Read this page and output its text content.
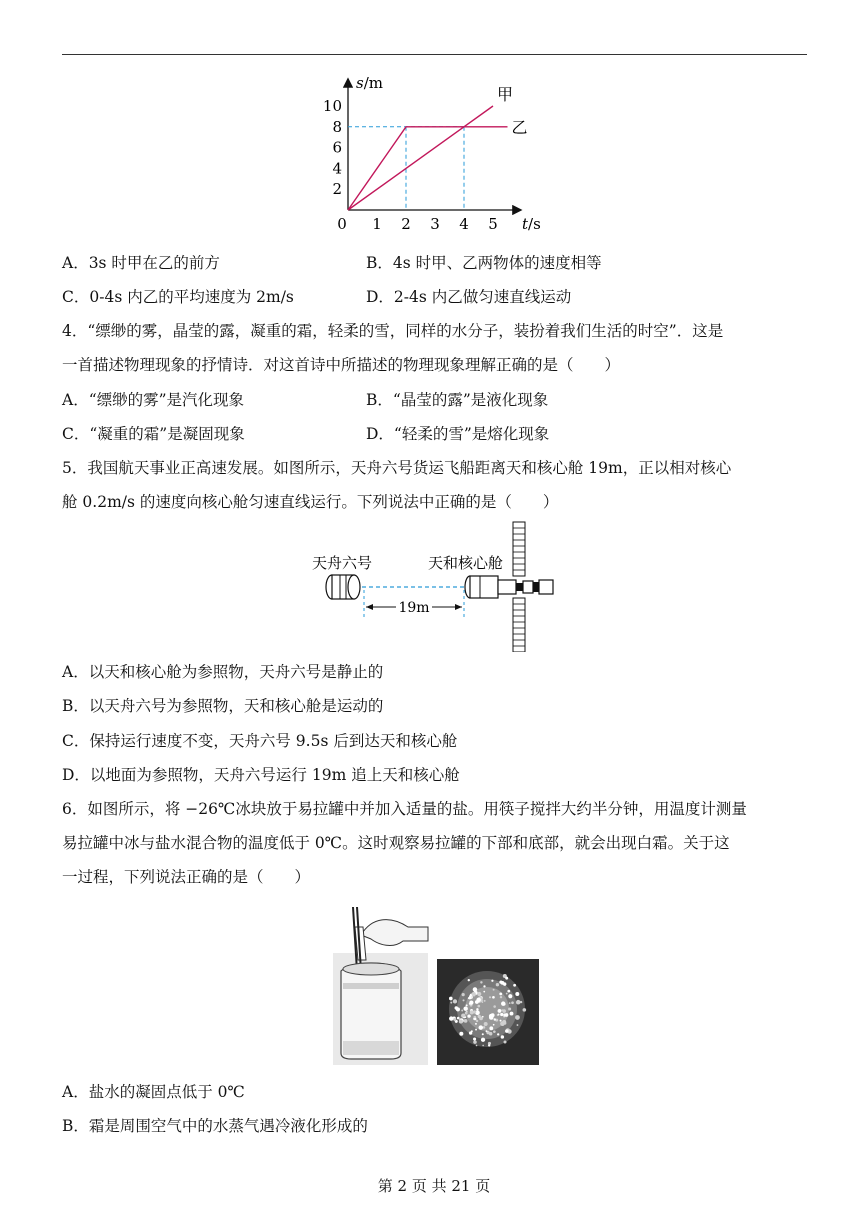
s/m
t/s
0 1 2 3 4 5
2
4
6
8
10
甲
乙
A．3s 时甲在乙的前方	B．4s 时甲、乙两物体的速度相等
C．0-4s 内乙的平均速度为 2m/s	D．2-4s 内乙做匀速直线运动
4．“缥缈的雾，晶莹的露，凝重的霜，轻柔的雪，同样的水分子，装扮着我们生活的时空”．这是
一首描述物理现象的抒情诗．对这首诗中所描述的物理现象理解正确的是（　　）
A．“缥缈的雾”是汽化现象	B．“晶莹的露”是液化现象
C．“凝重的霜”是凝固现象	D．“轻柔的雪”是熔化现象
5．我国航天事业正高速发展。如图所示，天舟六号货运飞船距离天和核心舱 19m，正以相对核心
舱 0.2m/s 的速度向核心舱匀速直线运行。下列说法中正确的是（　　）
天舟六号	天和核心舱
19m
A．以天和核心舱为参照物，天舟六号是静止的
B．以天舟六号为参照物，天和核心舱是运动的
C．保持运行速度不变，天舟六号 9.5s 后到达天和核心舱
D．以地面为参照物，天舟六号运行 19m 追上天和核心舱
6．如图所示，将 −26℃冰块放于易拉罐中并加入适量的盐。用筷子搅拌大约半分钟，用温度计测量
易拉罐中冰与盐水混合物的温度低于 0℃。这时观察易拉罐的下部和底部，就会出现白霜。关于这
一过程，下列说法正确的是（　　）
A．盐水的凝固点低于 0℃
B．霜是周围空气中的水蒸气遇冷液化形成的
第 2 页 共 21 页
